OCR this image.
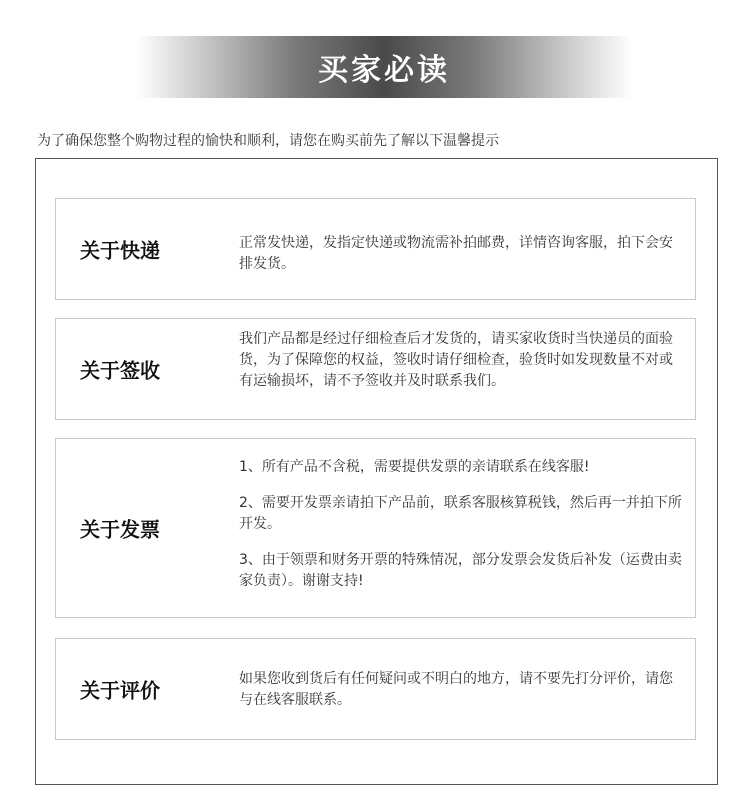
买家必读
为了确保您整个购物过程的愉快和顺利，请您在购买前先了解以下温馨提示
关于快递	正常发快递，发指定快递或物流需补拍邮费，详情咨询客服，拍下会安排发货。

关于签收

我们产品都是经过仔细检查后才发货的，请买家收货时当快递员的面验货，为了保障您的权益，签收时请仔细检查，验货时如发现数量不对或有运输损坏，请不予签收并及时联系我们。

关于发票

1、所有产品不含税，需要提供发票的亲请联系在线客服!

2、需要开发票亲请拍下产品前，联系客服核算税钱，然后再一并拍下所开发。

3、由于领票和财务开票的特殊情况，部分发票会发货后补发（运费由卖家负责）。谢谢支持!

关于评价	如果您收到货后有任何疑问或不明白的地方，请不要先打分评价，请您与在线客服联系。
